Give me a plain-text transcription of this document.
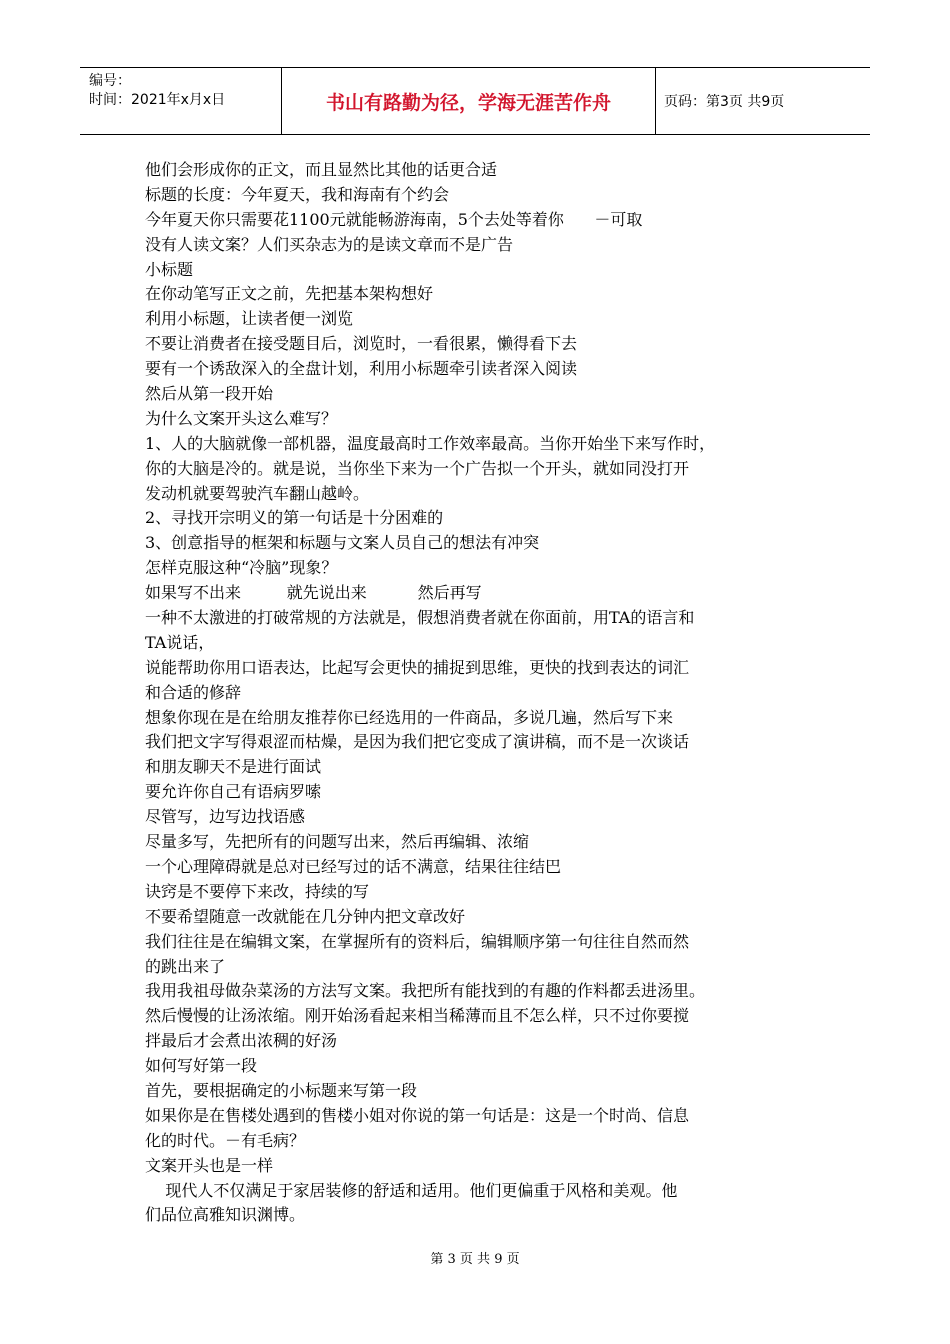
编号：
时间：2021年x月x日	书山有路勤为径，学海无涯苦作舟	页码：第3页 共9页
他们会形成你的正文，而且显然比其他的话更合适
标题的长度：今年夏天，我和海南有个约会
今年夏天你只需要花1100元就能畅游海南，5个去处等着你      －可取
没有人读文案？人们买杂志为的是读文章而不是广告
小标题
在你动笔写正文之前，先把基本架构想好
利用小标题，让读者便一浏览
不要让消费者在接受题目后，浏览时，一看很累，懒得看下去
要有一个诱敌深入的全盘计划，利用小标题牵引读者深入阅读
然后从第一段开始
为什么文案开头这么难写？
1、人的大脑就像一部机器，温度最高时工作效率最高。当你开始坐下来写作时，
你的大脑是冷的。就是说，当你坐下来为一个广告拟一个开头，就如同没打开
发动机就要驾驶汽车翻山越岭。
2、寻找开宗明义的第一句话是十分困难的
3、创意指导的框架和标题与文案人员自己的想法有冲突
怎样克服这种“冷脑”现象？
如果写不出来         就先说出来          然后再写
一种不太激进的打破常规的方法就是，假想消费者就在你面前，用TA的语言和
TA说话，
说能帮助你用口语表达，比起写会更快的捕捉到思维，更快的找到表达的词汇
和合适的修辞
想象你现在是在给朋友推荐你已经选用的一件商品，多说几遍，然后写下来
我们把文字写得艰涩而枯燥，是因为我们把它变成了演讲稿，而不是一次谈话
和朋友聊天不是进行面试
要允许你自己有语病罗嗦
尽管写，边写边找语感
尽量多写，先把所有的问题写出来，然后再编辑、浓缩
一个心理障碍就是总对已经写过的话不满意，结果往往结巴
诀窍是不要停下来改，持续的写
不要希望随意一改就能在几分钟内把文章改好
我们往往是在编辑文案，在掌握所有的资料后，编辑顺序第一句往往自然而然
的跳出来了
我用我祖母做杂菜汤的方法写文案。我把所有能找到的有趣的作料都丢进汤里。
然后慢慢的让汤浓缩。刚开始汤看起来相当稀薄而且不怎么样，只不过你要搅
拌最后才会煮出浓稠的好汤
如何写好第一段
首先，要根据确定的小标题来写第一段
如果你是在售楼处遇到的售楼小姐对你说的第一句话是：这是一个时尚、信息
化的时代。－有毛病？
文案开头也是一样
现代人不仅满足于家居装修的舒适和适用。他们更偏重于风格和美观。他
们品位高雅知识渊博。
第 3 页 共 9 页
